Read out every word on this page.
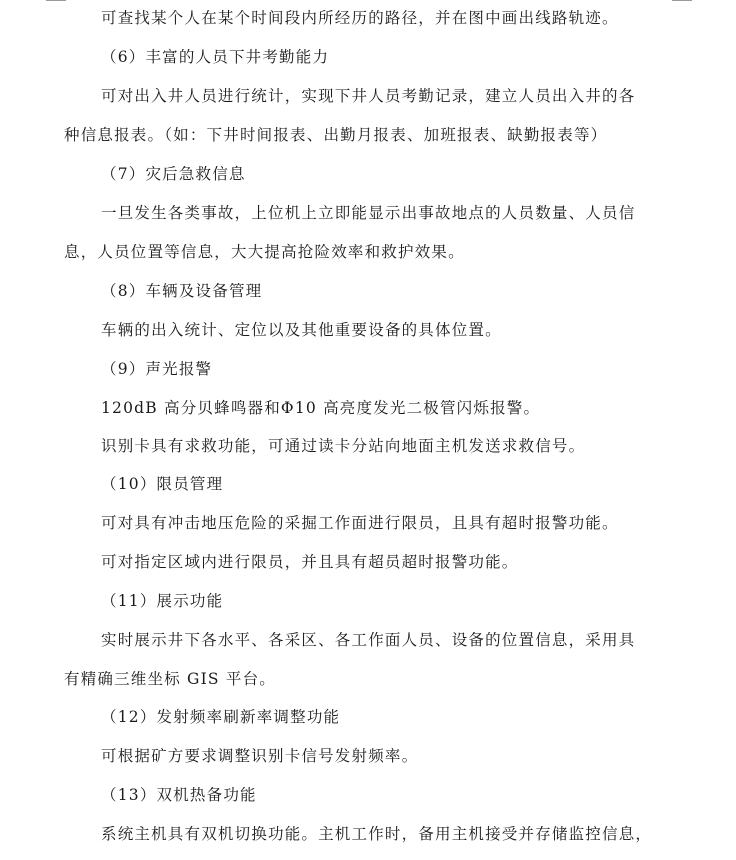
可查找某个人在某个时间段内所经历的路径，并在图中画出线路轨迹。
（6）丰富的人员下井考勤能力
可对出入井人员进行统计，实现下井人员考勤记录，建立人员出入井的各
种信息报表。（如：下井时间报表、出勤月报表、加班报表、缺勤报表等）
（7）灾后急救信息
一旦发生各类事故，上位机上立即能显示出事故地点的人员数量、人员信
息，人员位置等信息，大大提高抢险效率和救护效果。
（8）车辆及设备管理
车辆的出入统计、定位以及其他重要设备的具体位置。
（9）声光报警
120dB 高分贝蜂鸣器和Φ10 高亮度发光二极管闪烁报警。
识别卡具有求救功能，可通过读卡分站向地面主机发送求救信号。
（10）限员管理
可对具有冲击地压危险的采掘工作面进行限员，且具有超时报警功能。
可对指定区域内进行限员，并且具有超员超时报警功能。
（11）展示功能
实时展示井下各水平、各采区、各工作面人员、设备的位置信息，采用具
有精确三维坐标 GIS 平台。
（12）发射频率刷新率调整功能
可根据矿方要求调整识别卡信号发射频率。
（13）双机热备功能
系统主机具有双机切换功能。主机工作时，备用主机接受并存储监控信息，
